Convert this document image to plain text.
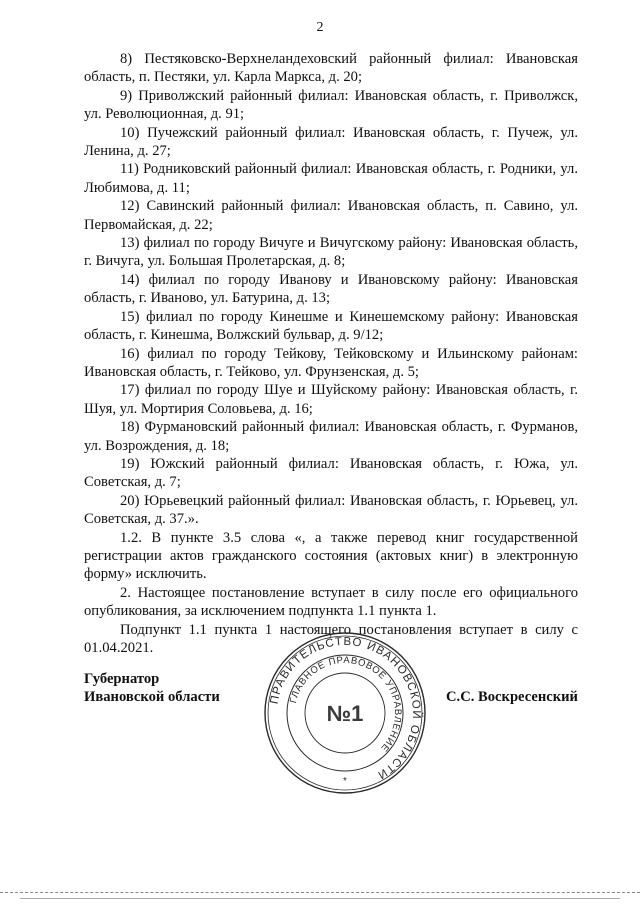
2

8) Пестяковско-Верхнеландеховский районный филиал: Ивановская область, п. Пестяки, ул. Карла Маркса, д. 20;

9) Приволжский районный филиал: Ивановская область, г. Приволжск, ул. Революционная, д. 91;

10) Пучежский районный филиал: Ивановская область, г. Пучеж, ул. Ленина, д. 27;

11) Родниковский районный филиал: Ивановская область, г. Родники, ул. Любимова, д. 11;

12) Савинский районный филиал: Ивановская область, п. Савино, ул. Первомайская, д. 22;

13) филиал по городу Вичуге и Вичугскому району: Ивановская область, г. Вичуга, ул. Большая Пролетарская, д. 8;

14) филиал по городу Иванову и Ивановскому району: Ивановская область, г. Иваново, ул. Батурина, д. 13;

15) филиал по городу Кинешме и Кинешемскому району: Ивановская область, г. Кинешма, Волжский бульвар, д. 9/12;

16) филиал по городу Тейкову, Тейковскому и Ильинскому районам: Ивановская область, г. Тейково, ул. Фрунзенская, д. 5;

17) филиал по городу Шуе и Шуйскому району: Ивановская область, г. Шуя, ул. Мортирия Соловьева, д. 16;

18) Фурмановский районный филиал: Ивановская область, г. Фурманов, ул. Возрождения, д. 18;

19) Южский районный филиал: Ивановская область, г. Южа, ул. Советская, д. 7;

20) Юрьевецкий районный филиал: Ивановская область, г. Юрьевец, ул. Советская, д. 37.».

1.2. В пункте 3.5 слова «, а также перевод книг государственной регистрации актов гражданского состояния (актовых книг) в электронную форму» исключить.

2. Настоящее постановление вступает в силу после его официального опубликования, за исключением подпункта 1.1 пункта 1.

Подпункт 1.1 пункта 1 настоящего постановления вступает в силу с 01.04.2021.

Губернатор
Ивановской области	ПРАВИТЕЛЬСТВО ИВАНОВСКОЙ ОБЛАСТИ
ГЛАВНОЕ ПРАВОВОЕ УПРАВЛЕНИЕ
№1
*
С.С. Воскресенский
